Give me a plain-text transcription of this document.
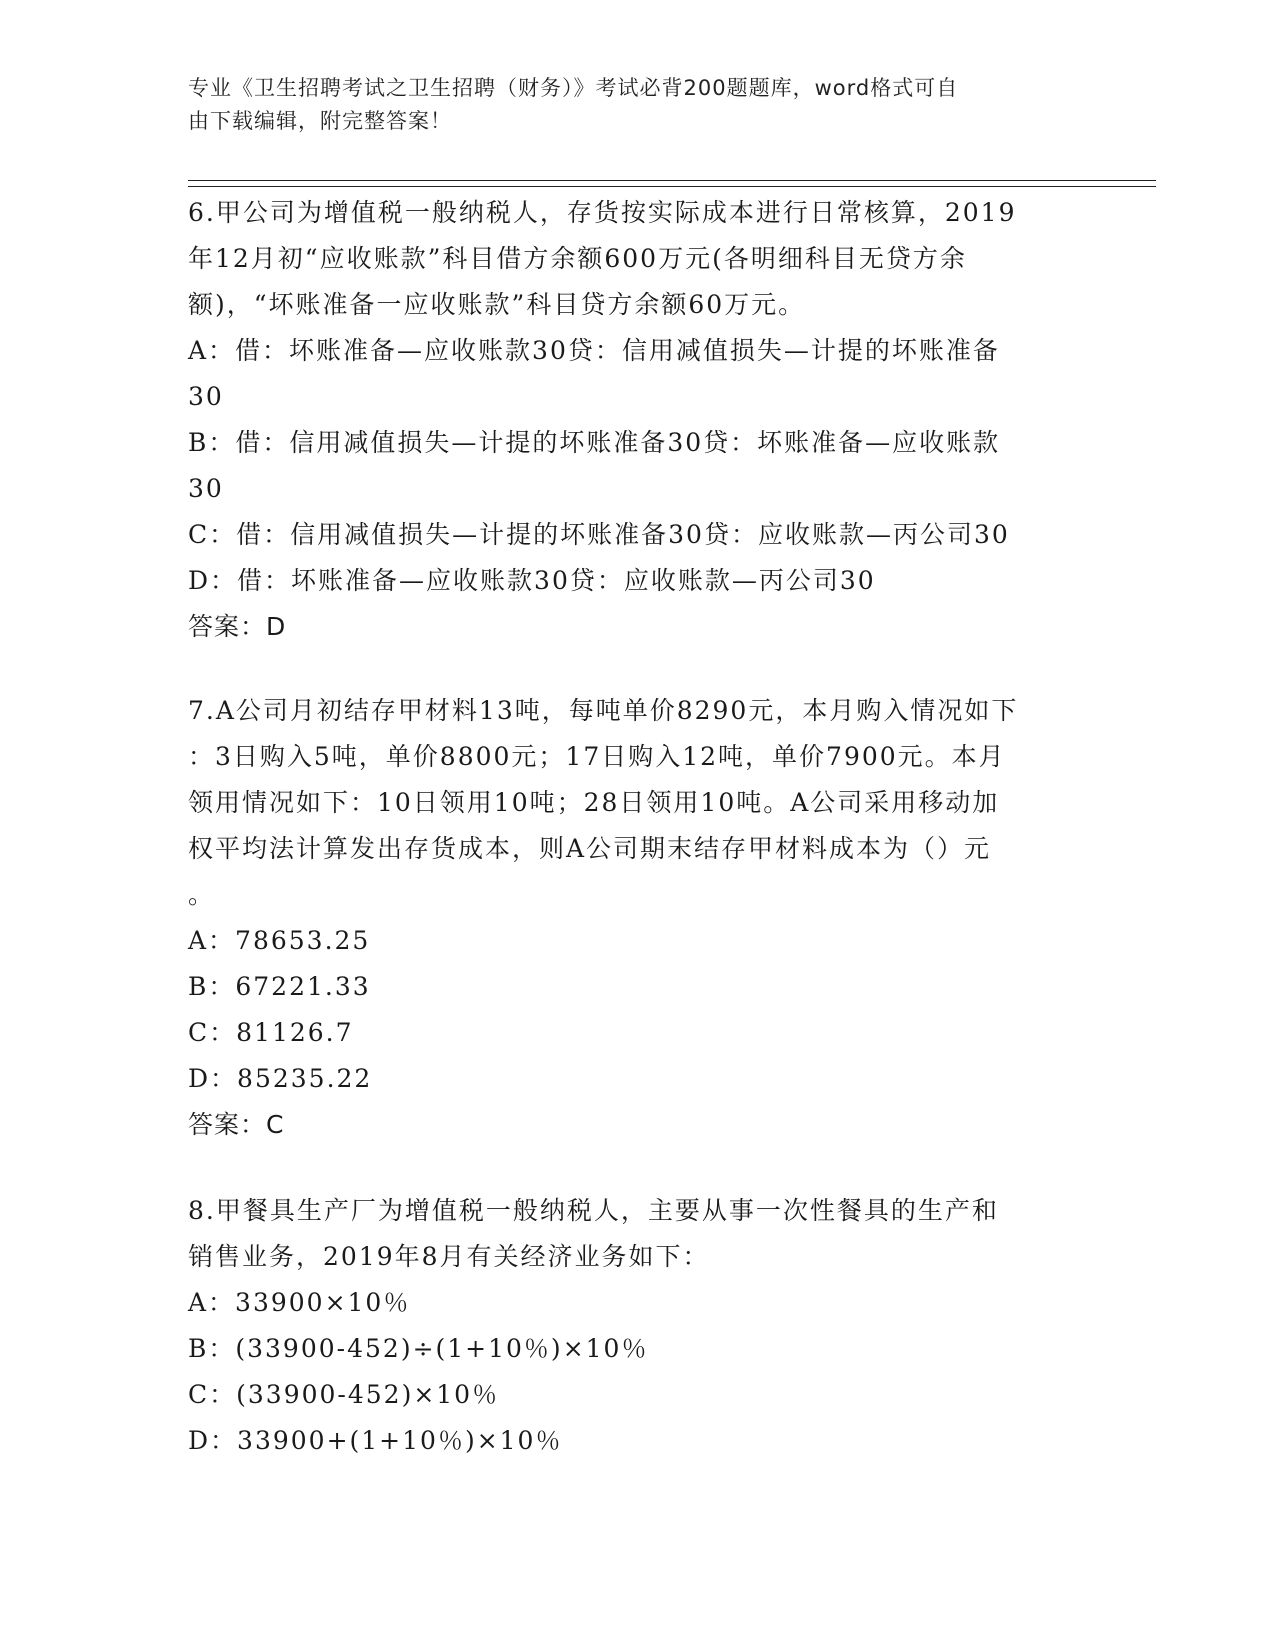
专业《卫生招聘考试之卫生招聘（财务）》考试必背200题题库，word格式可自
由下载编辑，附完整答案！

6.甲公司为增值税一般纳税人，存货按实际成本进行日常核算，2019

年12月初“应收账款”科目借方余额600万元(各明细科目无贷方余

额)，“坏账准备一应收账款”科目贷方余额60万元。

A：借：坏账准备—应收账款30贷：信用减值损失—计提的坏账准备

30

B：借：信用减值损失—计提的坏账准备30贷：坏账准备—应收账款

30

C：借：信用减值损失—计提的坏账准备30贷：应收账款—丙公司30

D：借：坏账准备—应收账款30贷：应收账款—丙公司30

答案：D

7.A公司月初结存甲材料13吨，每吨单价8290元，本月购入情况如下

：3日购入5吨，单价8800元；17日购入12吨，单价7900元。本月

领用情况如下：10日领用10吨；28日领用10吨。A公司采用移动加

权平均法计算发出存货成本，则A公司期末结存甲材料成本为（）元

。

A：78653.25

B：67221.33

C：81126.7

D：85235.22

答案：C

8.甲餐具生产厂为增值税一般纳税人，主要从事一次性餐具的生产和

销售业务，2019年8月有关经济业务如下：

A：33900×10％

B：(33900-452)÷(1+10％)×10％

C：(33900-452)×10％

D：33900+(1+10％)×10％
